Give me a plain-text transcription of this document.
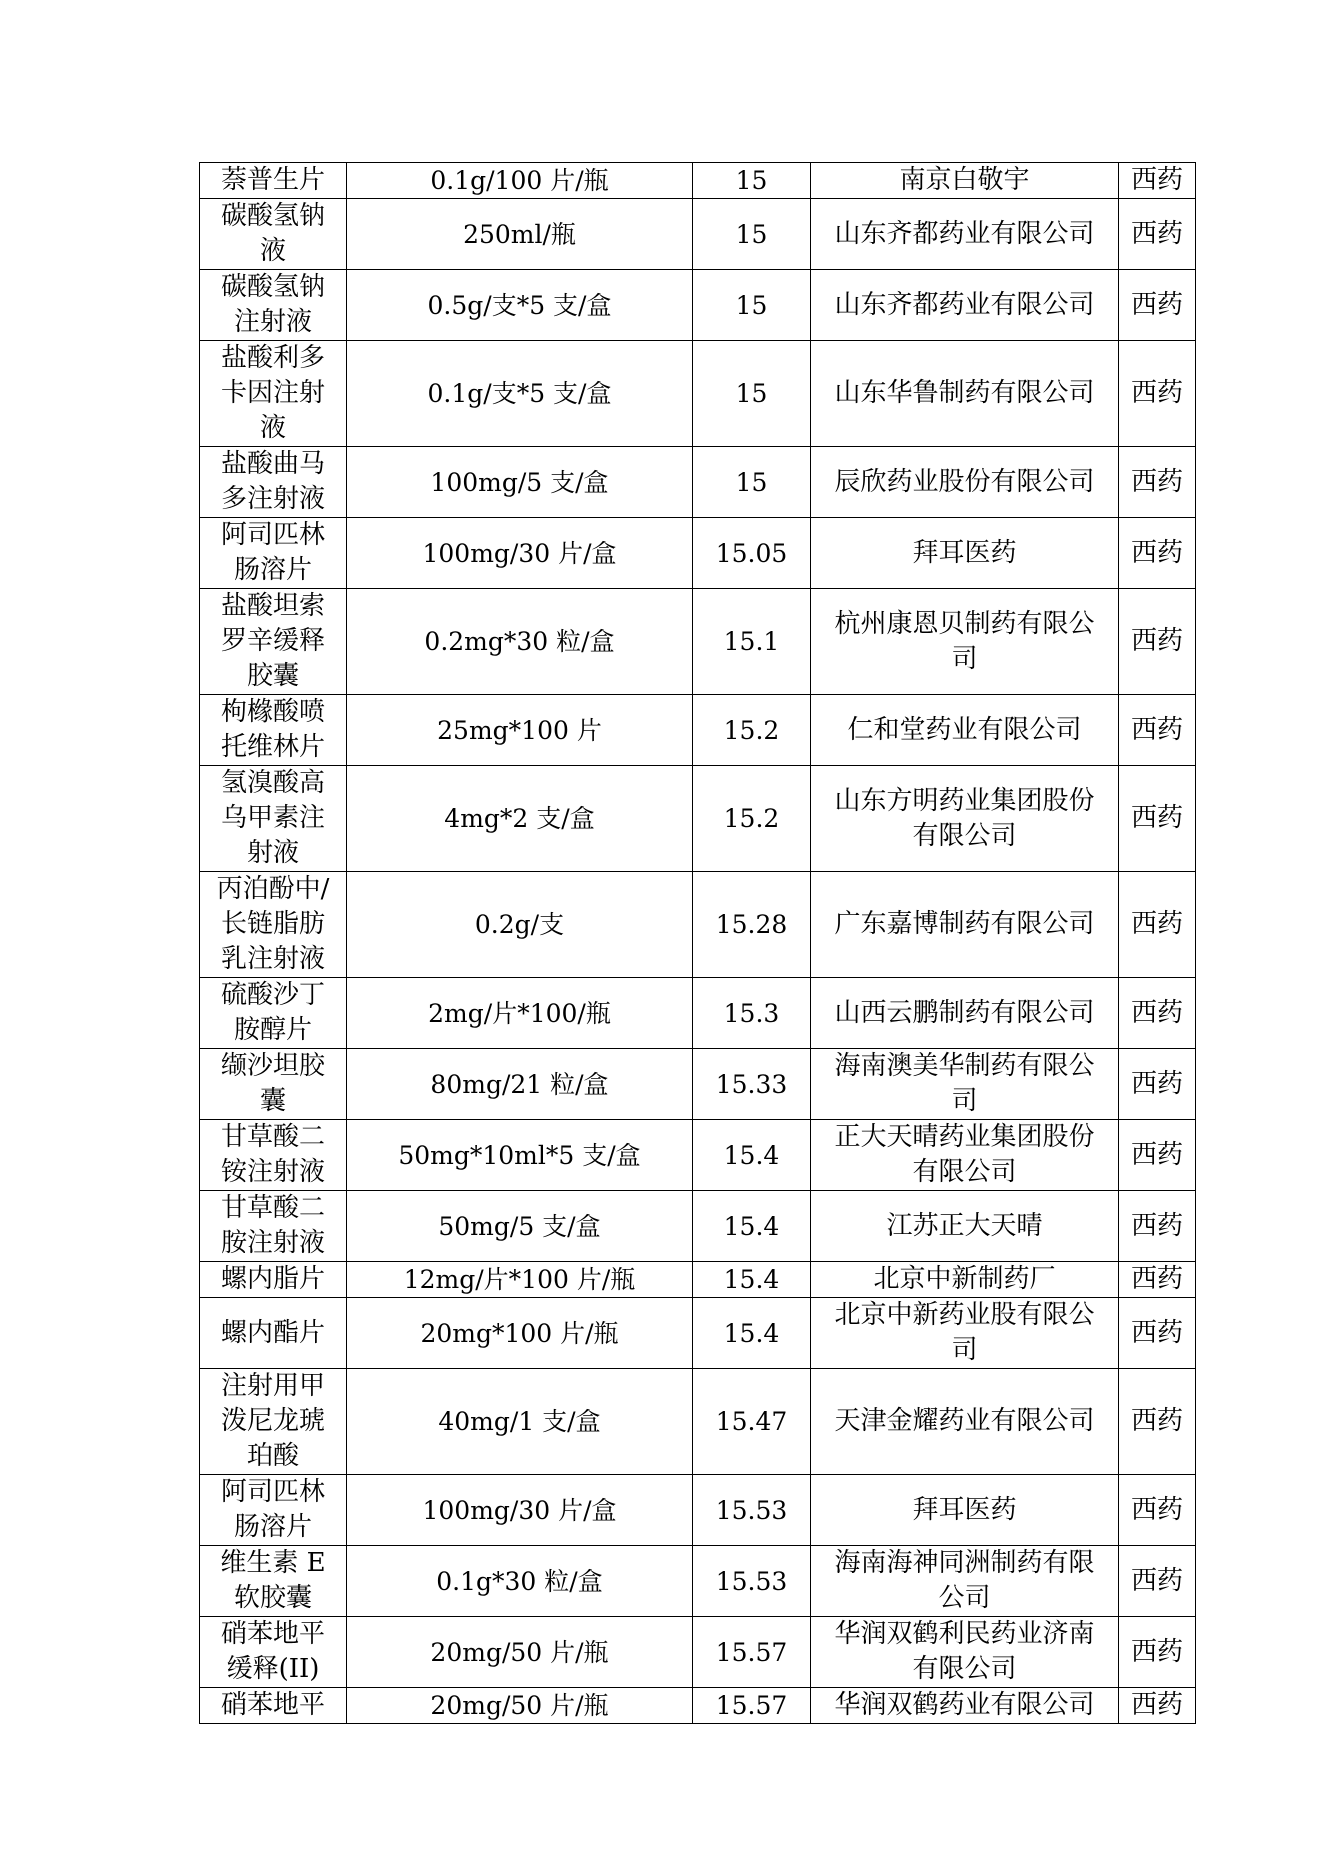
萘普生片	0.1g/100 片/瓶	15	南京白敬宇	西药
碳酸氢钠液	250ml/瓶	15	山东齐都药业有限公司	西药
碳酸氢钠注射液	0.5g/支*5 支/盒	15	山东齐都药业有限公司	西药
盐酸利多卡因注射液	0.1g/支*5 支/盒	15	山东华鲁制药有限公司	西药
盐酸曲马多注射液	100mg/5 支/盒	15	辰欣药业股份有限公司	西药
阿司匹林肠溶片	100mg/30 片/盒	15.05	拜耳医药	西药
盐酸坦索罗辛缓释胶囊	0.2mg*30 粒/盒	15.1	杭州康恩贝制药有限公司	西药
枸橼酸喷托维林片	25mg*100 片	15.2	仁和堂药业有限公司	西药
氢溴酸高乌甲素注射液	4mg*2 支/盒	15.2	山东方明药业集团股份有限公司	西药
丙泊酚中/长链脂肪乳注射液	0.2g/支	15.28	广东嘉博制药有限公司	西药
硫酸沙丁胺醇片	2mg/片*100/瓶	15.3	山西云鹏制药有限公司	西药
缬沙坦胶囊	80mg/21 粒/盒	15.33	海南澳美华制药有限公司	西药
甘草酸二铵注射液	50mg*10ml*5 支/盒	15.4	正大天晴药业集团股份有限公司	西药
甘草酸二胺注射液	50mg/5 支/盒	15.4	江苏正大天晴	西药
螺内脂片	12mg/片*100 片/瓶	15.4	北京中新制药厂	西药
螺内酯片	20mg*100 片/瓶	15.4	北京中新药业股有限公司	西药
注射用甲泼尼龙琥珀酸	40mg/1 支/盒	15.47	天津金耀药业有限公司	西药
阿司匹林肠溶片	100mg/30 片/盒	15.53	拜耳医药	西药
维生素 E 软胶囊	0.1g*30 粒/盒	15.53	海南海神同洲制药有限公司	西药
硝苯地平缓释(II)	20mg/50 片/瓶	15.57	华润双鹤利民药业济南有限公司	西药
硝苯地平	20mg/50 片/瓶	15.57	华润双鹤药业有限公司	西药
